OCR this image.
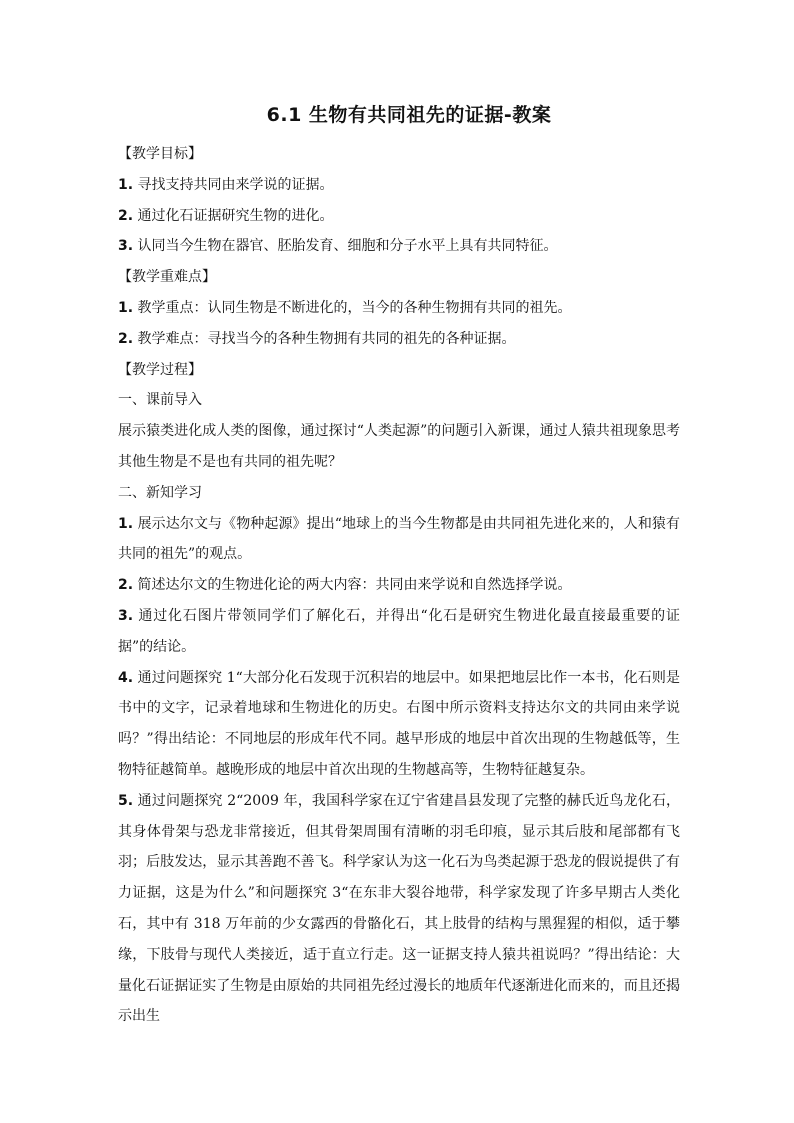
6.1 生物有共同祖先的证据-教案

【教学目标】

1. 寻找支持共同由来学说的证据。

2. 通过化石证据研究生物的进化。

3. 认同当今生物在器官、胚胎发育、细胞和分子水平上具有共同特征。

【教学重难点】

1. 教学重点：认同生物是不断进化的，当今的各种生物拥有共同的祖先。

2. 教学难点：寻找当今的各种生物拥有共同的祖先的各种证据。

【教学过程】

一、课前导入

展示猿类进化成人类的图像，通过探讨“人类起源”的问题引入新课，通过人猿共祖现象思考其他生物是不是也有共同的祖先呢？

二、新知学习

1. 展示达尔文与《物种起源》提出“地球上的当今生物都是由共同祖先进化来的，人和猿有共同的祖先”的观点。

2. 简述达尔文的生物进化论的两大内容：共同由来学说和自然选择学说。

3. 通过化石图片带领同学们了解化石，并得出“化石是研究生物进化最直接最重要的证据”的结论。

4. 通过问题探究 1“大部分化石发现于沉积岩的地层中。如果把地层比作一本书，化石则是书中的文字，记录着地球和生物进化的历史。右图中所示资料支持达尔文的共同由来学说吗？”得出结论：不同地层的形成年代不同。越早形成的地层中首次出现的生物越低等，生物特征越简单。越晚形成的地层中首次出现的生物越高等，生物特征越复杂。

5. 通过问题探究 2“2009 年，我国科学家在辽宁省建昌县发现了完整的赫氏近鸟龙化石，其身体骨架与恐龙非常接近，但其骨架周围有清晰的羽毛印痕，显示其后肢和尾部都有飞羽；后肢发达，显示其善跑不善飞。科学家认为这一化石为鸟类起源于恐龙的假说提供了有力证据，这是为什么”和问题探究 3“在东非大裂谷地带，科学家发现了许多早期古人类化石，其中有 318 万年前的少女露西的骨骼化石，其上肢骨的结构与黑猩猩的相似，适于攀缘，下肢骨与现代人类接近，适于直立行走。这一证据支持人猿共祖说吗？”得出结论：大量化石证据证实了生物是由原始的共同祖先经过漫长的地质年代逐渐进化而来的，而且还揭示出生
